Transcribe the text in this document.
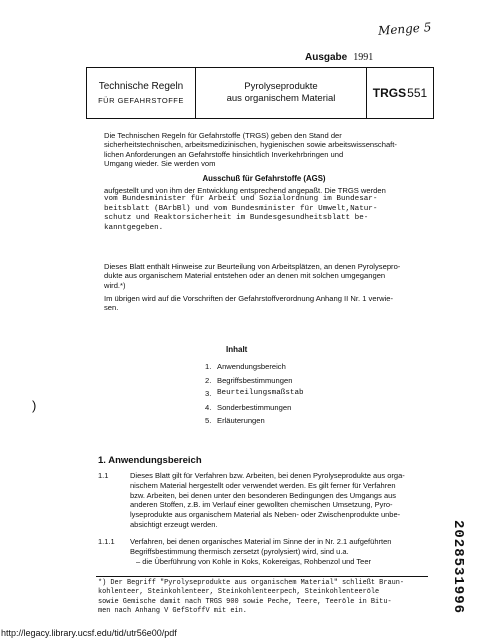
Menge 5
Ausgabe 1991
Technische Regeln
FÜR GEFAHRSTOFFE
Pyrolyseprodukte
aus organischem Material	TRGS 551
Die Technischen Regeln für Gefahrstoffe (TRGS) geben den Stand der
sicherheitstechnischen, arbeitsmedizinischen, hygienischen sowie arbeitswissenschaft-
lichen Anforderungen an Gefahrstoffe hinsichtlich Inverkehrbringen und
Umgang wieder. Sie werden vom
Ausschuß für Gefahrstoffe (AGS)
aufgestellt und von ihm der Entwicklung entsprechend angepaßt. Die TRGS werden
vom Bundesminister für Arbeit und Sozialordnung im Bundesar-
beitsblatt (BArbBl) und vom Bundesminister für Umwelt,Natur-
schutz und Reaktorsicherheit im Bundesgesundheitsblatt be-
kanntgegeben.
Dieses Blatt enthält Hinweise zur Beurteilung von Arbeitsplätzen, an denen Pyrolysepro-
dukte aus organischem Material entstehen oder an denen mit solchen umgegangen
wird.*)
Im übrigen wird auf die Vorschriften der Gefahrstoffverordnung Anhang II Nr. 1 verwie-
sen.
Inhalt
1. Anwendungsbereich
2. Begriffsbestimmungen
3. Beurteilungsmaßstab
4. Sonderbestimmungen
5. Erläuterungen
)
1. Anwendungsbereich
1.1	Dieses Blatt gilt für Verfahren bzw. Arbeiten, bei denen Pyrolyseprodukte aus orga-
nischem Material hergestellt oder verwendet werden. Es gilt ferner für Verfahren
bzw. Arbeiten, bei denen unter den besonderen Bedingungen des Umgangs aus
anderen Stoffen, z.B. im Verlauf einer gewollten chemischen Umsetzung, Pyro-
lyseprodukte aus organischem Material als Neben- oder Zwischenprodukte unbe-
absichtigt erzeugt werden.
1.1.1 Verfahren, bei denen organisches Material im Sinne der in Nr. 2.1 aufgeführten
Begriffsbestimmung thermisch zersetzt (pyrolysiert) wird, sind u.a.
– die Überführung von Kohle in Koks, Kokereigas, Rohbenzol und Teer
*) Der Begriff "Pyrolyseprodukte aus organischem Material" schließt Braun-
kohlenteer, Steinkohlenteer, Steinkohlenteerpech, Steinkohlenteeröle
sowie Gemische damit nach TRGS 900 sowie Peche, Teere, Teeröle in Bitu-
men nach Anhang V GefStoffV mit ein.	2028531996
http://legacy.library.ucsf.edu/tid/utr56e00/pdf
